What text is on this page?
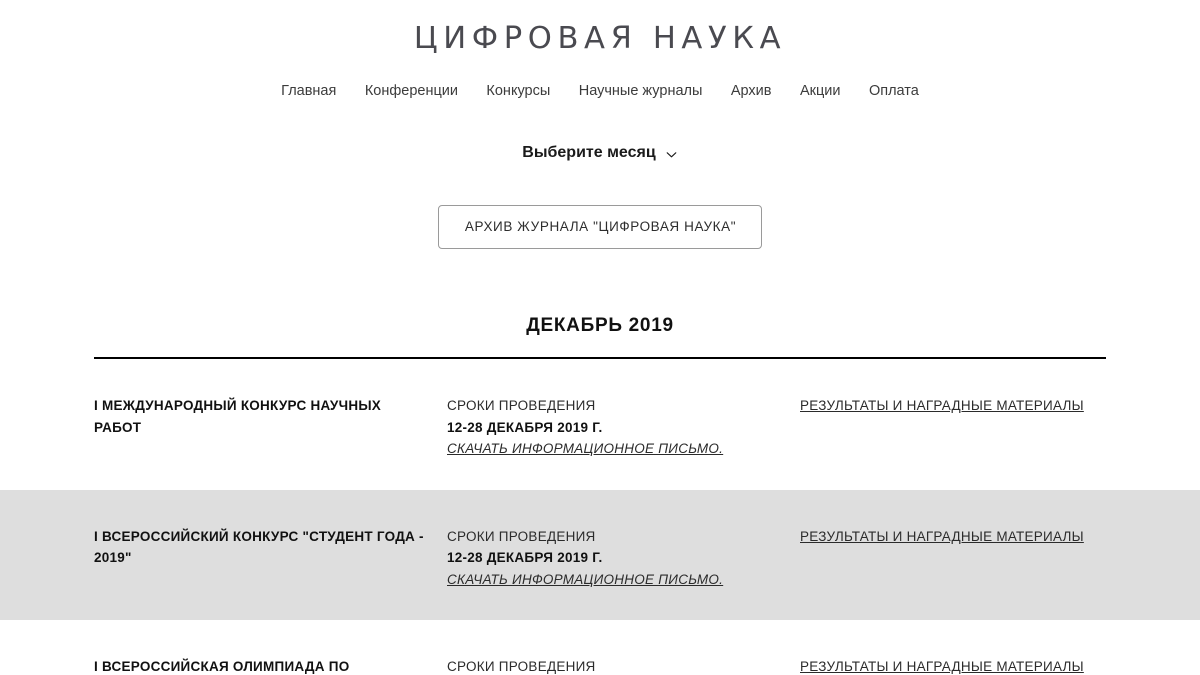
ЦИФРОВАЯ НАУКА
Главная Конференции Конкурсы Научные журналы Архив Акции Оплата
Выберите месяц
АРХИВ ЖУРНАЛА "ЦИФРОВАЯ НАУКА"
ДЕКАБРЬ 2019
I МЕЖДУНАРОДНЫЙ КОНКУРС НАУЧНЫХ РАБОТ
СРОКИ ПРОВЕДЕНИЯ
12-28 ДЕКАБРЯ 2019 Г.
СКАЧАТЬ ИНФОРМАЦИОННОЕ ПИСЬМО.
РЕЗУЛЬТАТЫ И НАГРАДНЫЕ МАТЕРИАЛЫ
I ВСЕРОССИЙСКИЙ КОНКУРС "СТУДЕНТ ГОДА - 2019"
СРОКИ ПРОВЕДЕНИЯ
12-28 ДЕКАБРЯ 2019 Г.
СКАЧАТЬ ИНФОРМАЦИОННОЕ ПИСЬМО.
РЕЗУЛЬТАТЫ И НАГРАДНЫЕ МАТЕРИАЛЫ
I ВСЕРОССИЙСКАЯ ОЛИМПИАДА ПО	СРОКИ ПРОВЕДЕНИЯ	РЕЗУЛЬТАТЫ И НАГРАДНЫЕ МАТЕРИАЛЫ
